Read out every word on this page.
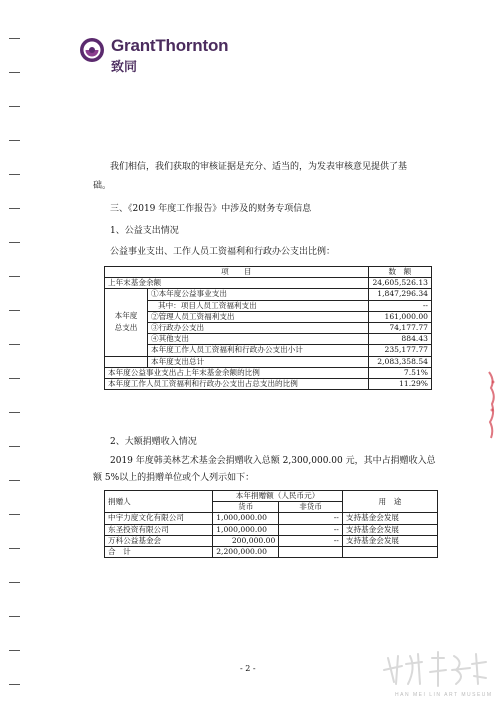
GrantThornton
致同
我们相信，我们获取的审核证据是充分、适当的，为发表审核意见提供了基
础。
三、《2019 年度工作报告》中涉及的财务专项信息
1、公益支出情况
公益事业支出、工作人员工资福利和行政办公支出比例：
项　　目		数　额
上年末基金余额		24,605,526.13
本年度
总支出	①本年度公益事业支出	1,847,296.34
	其中：项目人员工资福利支出	--
	②管理人员工资福利支出	161,000.00
	③行政办公支出	74,177.77
	④其他支出	884.43
	本年度工作人员工资福利和行政办公支出小计	235,177.77
	本年度支出总计	2,083,358.54
本年度公益事业支出占上年末基金余额的比例		7.51%
本年度工作人员工资福利和行政办公支出占总支出的比例		11.29%
2、大额捐赠收入情况
2019 年度韩美林艺术基金会捐赠收入总额 2,300,000.00 元，其中占捐赠收入总
额 5%以上的捐赠单位或个人列示如下：
捐赠人	本年捐赠额（人民币元）		用　途
	货币	非货币	
中宇力度文化有限公司	1,000,000.00	--	支持基金会发展
东圣投资有限公司	1,000,000.00	--	支持基金会发展
万科公益基金会	200,000.00	--	支持基金会发展
合　计	2,200,000.00		
- 2 -
HAN MEI LIN ART MUSEUM
